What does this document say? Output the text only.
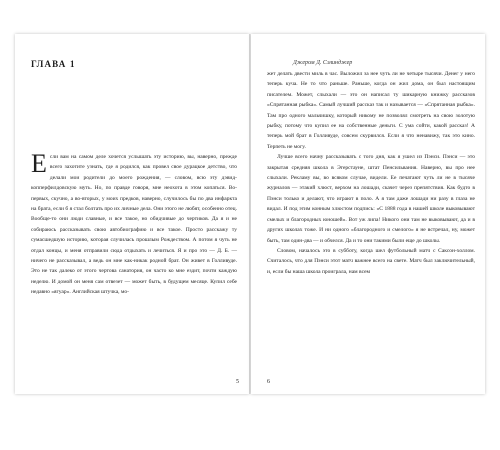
ГЛАВА 1

Если вам на самом деле хочется услышать эту историю, вы, наверно, прежде всего захотите узнать, где я родился, как провел свое дурацкое детство, что делали мои родители до моего рождения, — словом, всю эту дэвид-копперфилдовскую муть. Но, по правде говоря, мне неохота в этом копаться. Во-первых, скучно, а во-вторых, у моих предков, наверно, случилось бы по два инфаркта на брата, если б я стал болтать про их личные дела. Они этого не любят, особенно отец. Вообще-то они люди славные, и все такое, но обидчивые до чертиков. Да я и не собираюсь рассказывать свою автобиографию и все такое. Просто расскажу ту сумасшедшую историю, которая случилась прошлым Рождеством. А потом я чуть не отдал концы, и меня отправили сюда отдыхать и лечиться. Я и про это — Д. Б. — ничего не рассказывал, а ведь он мне как-никак родной брат. Он живет в Голливуде. Это не так далеко от этого чертова санатория, он часто ко мне ездит, почти каждую неделю. И домой он меня сам отвезет — может быть, в будущем месяце. Купил себе недавно «ягуар». Английская штучка, мо-

5
Джером Д. Сэлинджер

жет делать двести миль в час. Выложил за нее чуть ли не четыре тысячи. Денег у него теперь куча. Не то что раньше. Раньше, когда он жил дома, он был настоящим писателем. Может, слыхали — это он написал ту шикарную книжку рассказов «Спрятанная рыбка». Самый лучший рассказ так и называется — «Спрятанная рыбка». Там про одного мальчишку, который никому не позволял смотреть на свою золотую рыбку, потому что купил ее на собственные деньги. С ума сойти, какой рассказ! А теперь мой брат в Голливуде, совсем скурвился. Если я что ненавижу, так это кино. Терпеть не могу.

Лучше всего начну рассказывать с того дня, как я ушел из Пэнси. Пэнси — это закрытая средняя школа в Эгерстауне, штат Пенсильвания. Наверно, вы про нее слыхали. Рекламу вы, во всяком случае, видели. Ее печатают чуть ли не в тысяче журналов — этакий хлюст, верхом на лошади, скачет через препятствия. Как будто в Пэнси только и делают, что играют в поло. А я там даже лошади ни разу в глаза не видал. И под этим конным хлюстом подпись: «С 1888 года в нашей школе выковывают смелых и благородных юношей». Вот уж липа! Никого они там не выковывают, да и в других школах тоже. И ни одного «благородного и смелого» я не встречал, ну, может быть, там один-два — и обчелся. Да и то они такими были еще до школы.

Словом, началось это в субботу, когда шел футбольный матч с Саксон-холлом. Считалось, что для Пэнси этот матч важнее всего на свете. Матч был заключительный, и, если бы наша школа проиграла, нам всем

6
